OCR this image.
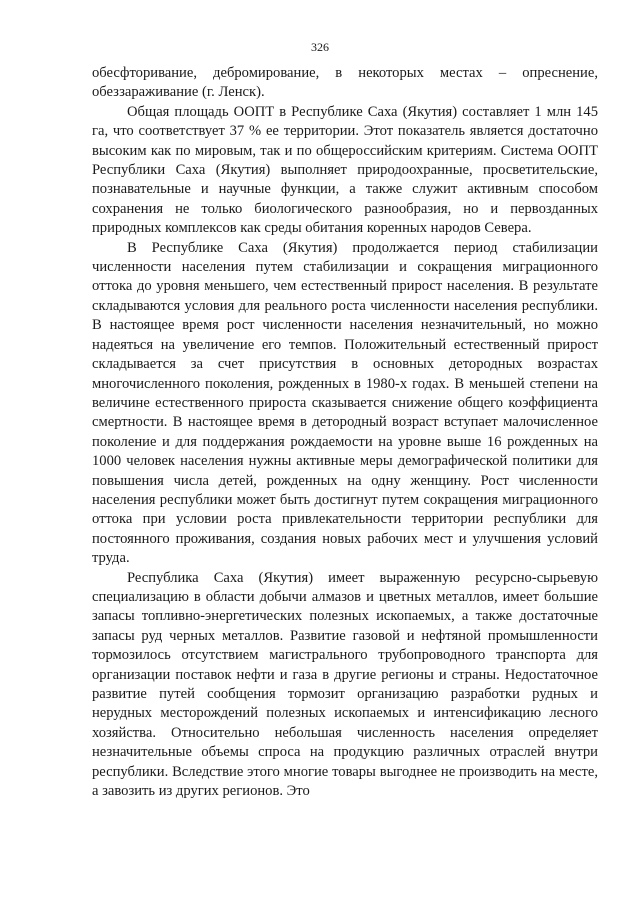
326

обесфторивание, дебромирование, в некоторых местах – опреснение, обеззараживание (г. Ленск).

Общая площадь ООПТ в Республике Саха (Якутия) составляет 1 млн 145 га, что соответствует 37 % ее территории. Этот показатель является достаточно высоким как по мировым, так и по общероссийским критериям. Система ООПТ Республики Саха (Якутия) выполняет природоохранные, просветительские, познавательные и научные функции, а также служит активным способом сохранения не только биологического разнообразия, но и первозданных природных комплексов как среды обитания коренных народов Севера.

В Республике Саха (Якутия) продолжается период стабилизации численности населения путем стабилизации и сокращения миграционного оттока до уровня меньшего, чем естественный прирост населения. В результате складываются условия для реального роста численности населения республики. В настоящее время рост численности населения незначительный, но можно надеяться на увеличение его темпов. Положительный естественный прирост складывается за счет присутствия в основных детородных возрастах многочисленного поколения, рожденных в 1980-х годах. В меньшей степени на величине естественного прироста сказывается снижение общего коэффициента смертности. В настоящее время в детородный возраст вступает малочисленное поколение и для поддержания рождаемости на уровне выше 16 рожденных на 1000 человек населения нужны активные меры демографической политики для повышения числа детей, рожденных на одну женщину. Рост численности населения республики может быть достигнут путем сокращения миграционного оттока при условии роста привлекательности территории республики для постоянного проживания, создания новых рабочих мест и улучшения условий труда.

Республика Саха (Якутия) имеет выраженную ресурсно-сырьевую специализацию в области добычи алмазов и цветных металлов, имеет большие запасы топливно-энергетических полезных ископаемых, а также достаточные запасы руд черных металлов. Развитие газовой и нефтяной промышленности тормозилось отсутствием магистрального трубопроводного транспорта для организации поставок нефти и газа в другие регионы и страны. Недостаточное развитие путей сообщения тормозит организацию разработки рудных и нерудных месторождений полезных ископаемых и интенсификацию лесного хозяйства. Относительно небольшая численность населения определяет незначительные объемы спроса на продукцию различных отраслей внутри республики. Вследствие этого многие товары выгоднее не производить на месте, а завозить из других регионов. Это
